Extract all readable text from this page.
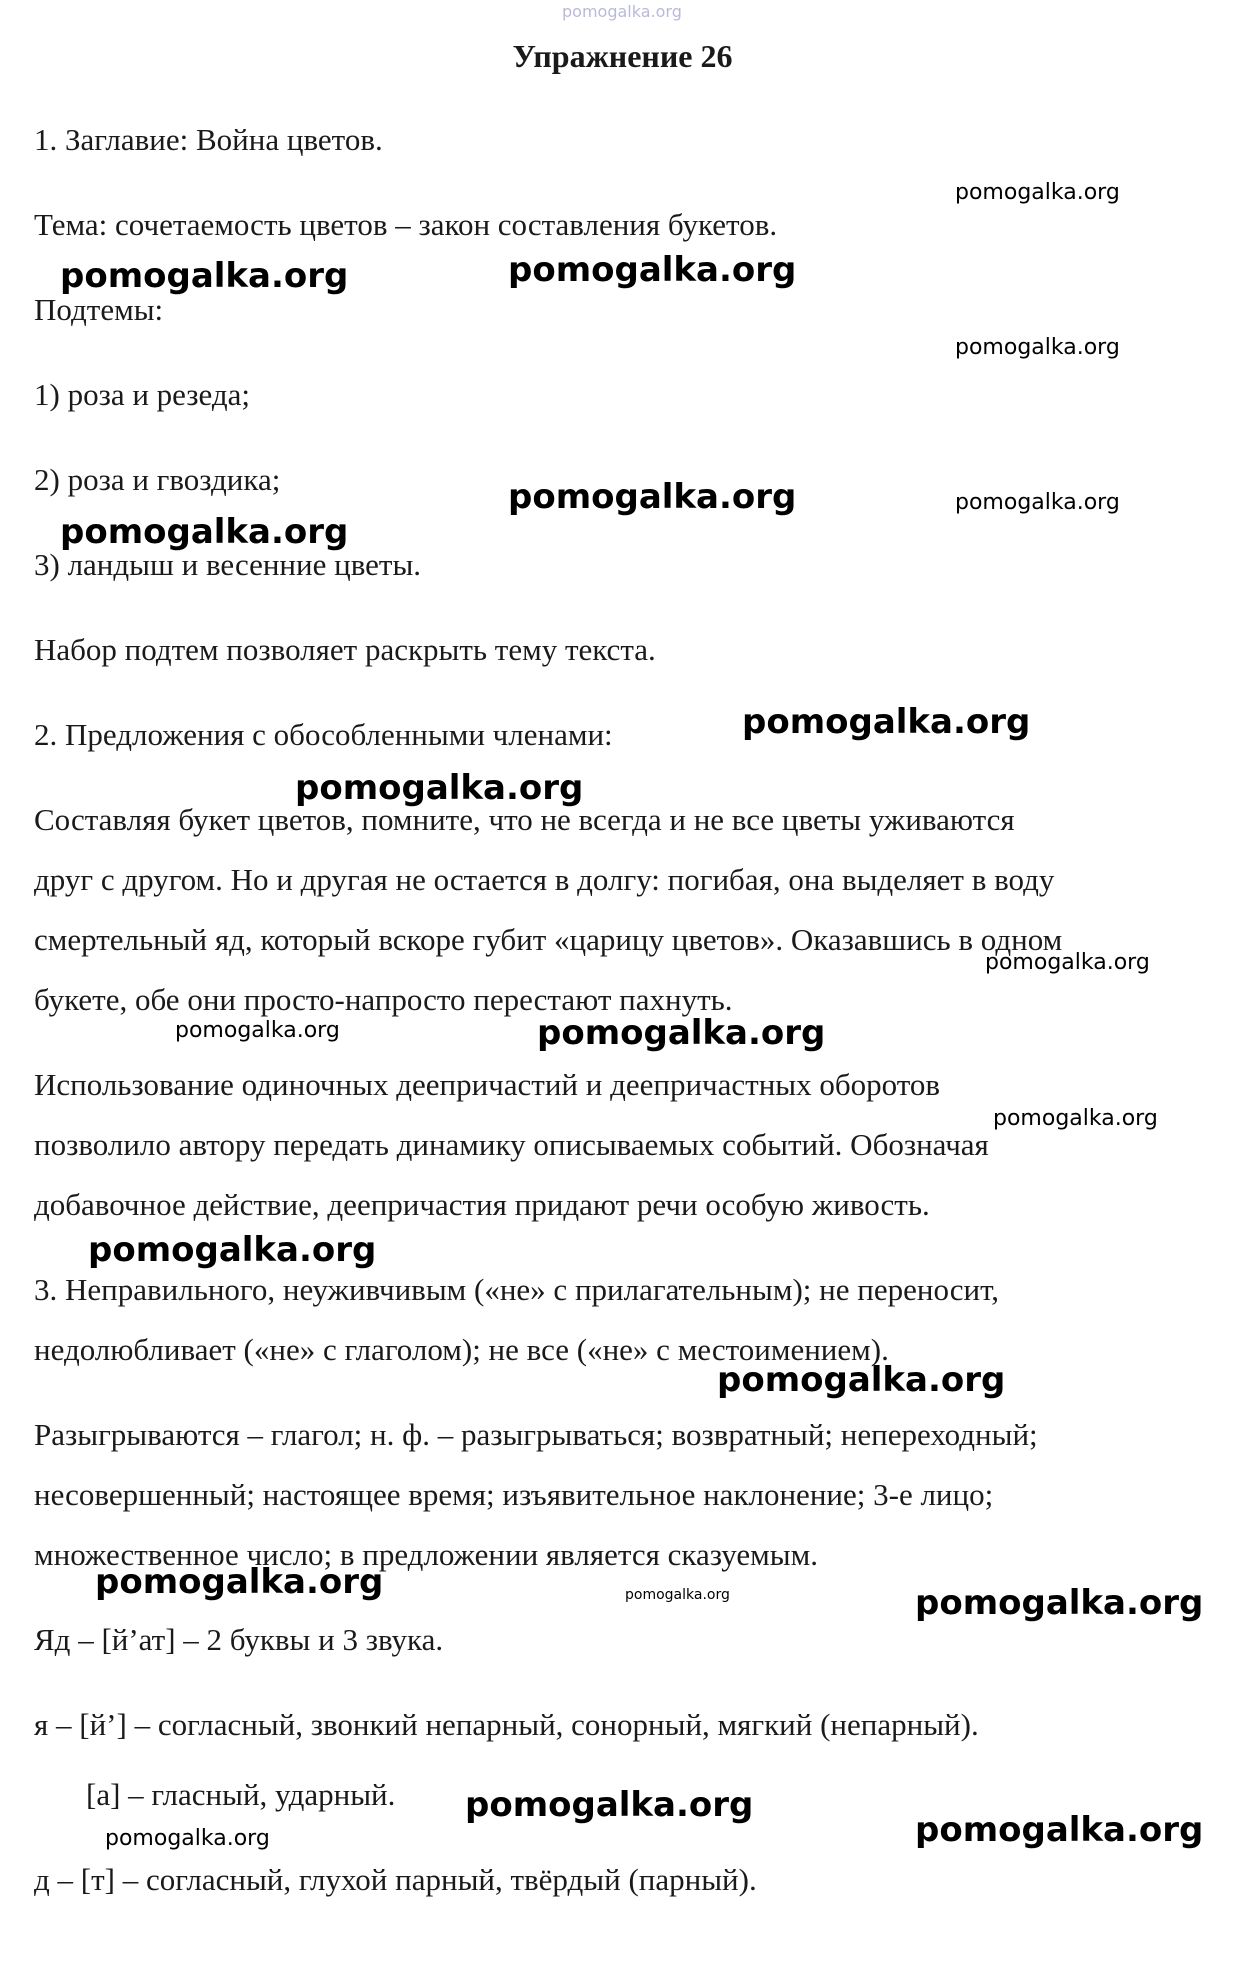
pomogalka.org
Упражнение 26
1. Заглавие: Война цветов.
Тема: сочетаемость цветов – закон составления букетов.
Подтемы:
1) роза и резеда;
2) роза и гвоздика;
3) ландыш и весенние цветы.
Набор подтем позволяет раскрыть тему текста.
2. Предложения с обособленными членами:
Составляя букет цветов, помните, что не всегда и не все цветы уживаются
друг с другом. Но и другая не остается в долгу: погибая, она выделяет в воду
смертельный яд, который вскоре губит «царицу цветов». Оказавшись в одном
букете, обе они просто-напросто перестают пахнуть.
Использование одиночных деепричастий и деепричастных оборотов
позволило автору передать динамику описываемых событий. Обозначая
добавочное действие, деепричастия придают речи особую живость.
3. Неправильного, неуживчивым («не» с прилагательным); не переносит,
недолюбливает («не» с глаголом); не все («не» с местоимением).
Разыгрываются – глагол; н. ф. – разыгрываться; возвратный; непереходный;
несовершенный; настоящее время; изъявительное наклонение; 3-е лицо;
множественное число; в предложении является сказуемым.
Яд – [й’ат] – 2 буквы и 3 звука.
я – [й’] – согласный, звонкий непарный, сонорный, мягкий (непарный).
[а] – гласный, ударный.
д – [т] – согласный, глухой парный, твёрдый (парный).
pomogalka.org
pomogalka.org	pomogalka.org
pomogalka.org
pomogalka.org	pomogalka.org
pomogalka.org
pomogalka.org
pomogalka.org
pomogalka.org
pomogalka.org	pomogalka.org
pomogalka.org
pomogalka.org
pomogalka.org
pomogalka.org	pomogalka.org	pomogalka.org
pomogalka.org
pomogalka.org	pomogalka.org
